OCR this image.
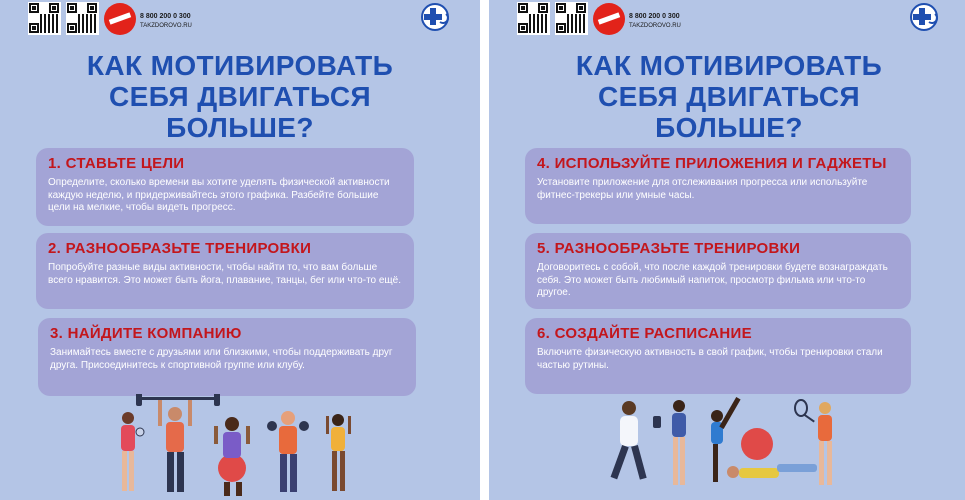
8 800 200 0 300
TAKZDOROVO.RU
КАК МОТИВИРОВАТЬ
СЕБЯ ДВИГАТЬСЯ
БОЛЬШЕ?
1. СТАВЬТЕ ЦЕЛИ

Определите, сколько времени вы хотите уделять физической активности каждую неделю, и придерживайтесь этого графика. Разбейте большие цели на мелкие, чтобы видеть прогресс.

2. РАЗНООБРАЗЬТЕ ТРЕНИРОВКИ

Попробуйте разные виды активности, чтобы найти то, что вам больше всего нравится. Это может быть йога, плавание, танцы, бег или что-то ещё.

3. НАЙДИТЕ КОМПАНИЮ

Занимайтесь вместе с друзьями или близкими, чтобы поддерживать друг друга. Присоединитесь к спортивной группе или клубу.

8 800 200 0 300
TAKZDOROVO.RU
КАК МОТИВИРОВАТЬ
СЕБЯ ДВИГАТЬСЯ
БОЛЬШЕ?
4. ИСПОЛЬЗУЙТЕ ПРИЛОЖЕНИЯ И ГАДЖЕТЫ

Установите приложение для отслеживания прогресса или используйте фитнес-трекеры или умные часы.

5. РАЗНООБРАЗЬТЕ ТРЕНИРОВКИ

Договоритесь с собой, что после каждой тренировки будете вознаграждать себя. Это может быть любимый напиток, просмотр фильма или что-то другое.

6. СОЗДАЙТЕ РАСПИСАНИЕ

Включите физическую активность в свой график, чтобы тренировки стали частью рутины.
